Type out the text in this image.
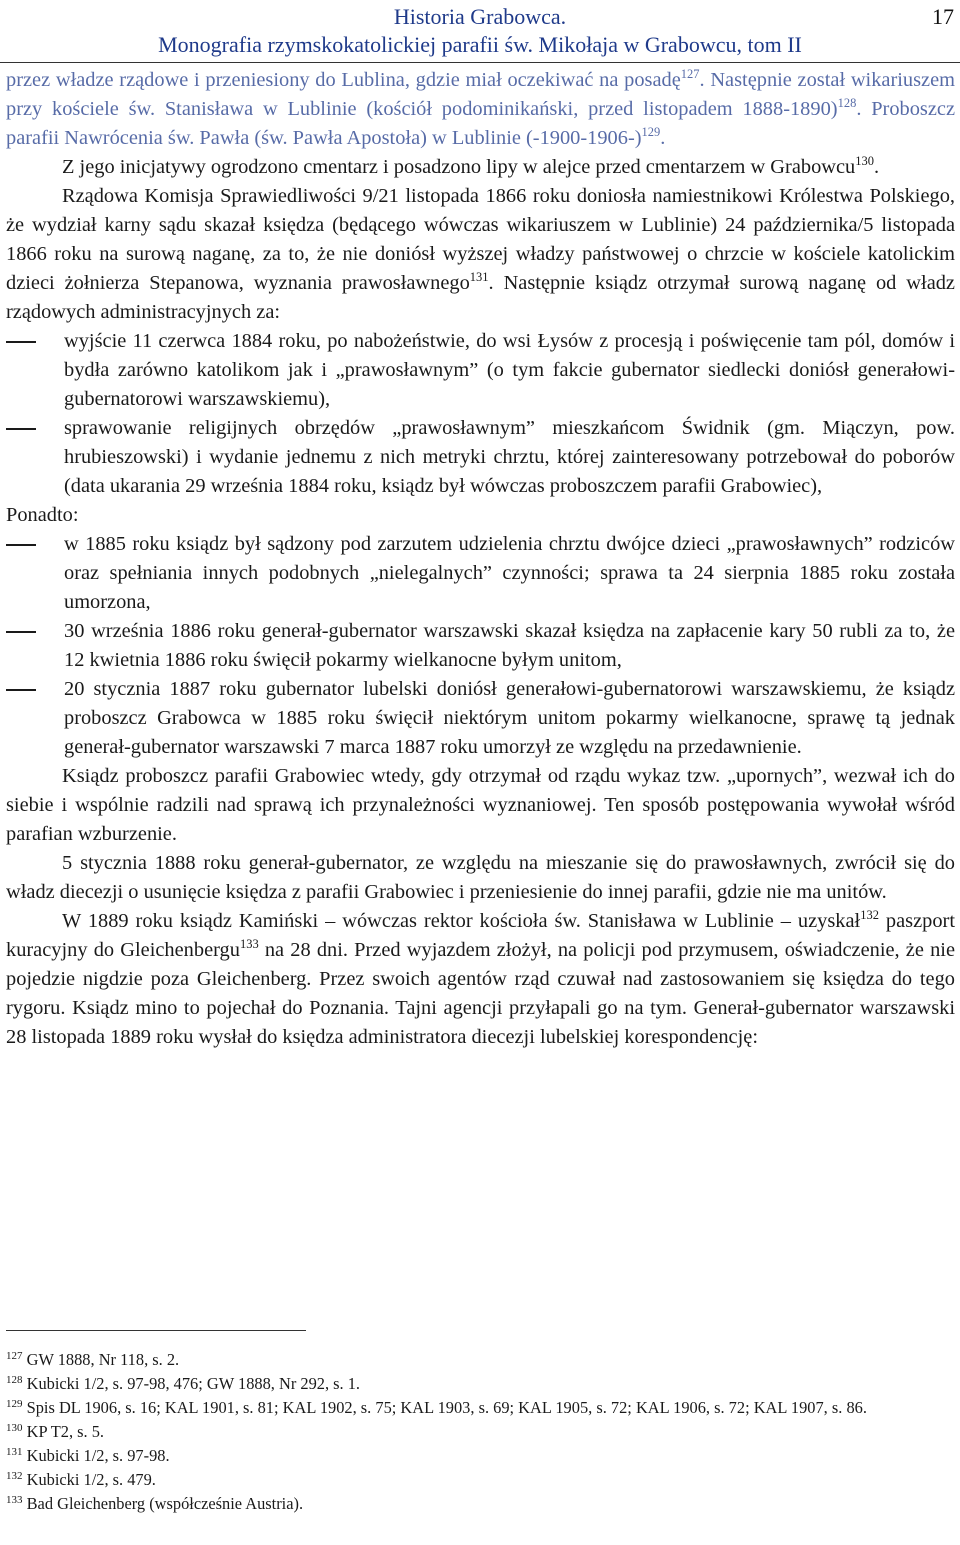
Historia Grabowca.
Monografia rzymskokatolickiej parafii św. Mikołaja w Grabowcu, tom II
17

przez władze rządowe i przeniesiony do Lublina, gdzie miał oczekiwać na posadę$^{127}$. Następnie został wikariuszem przy kościele św. Stanisława w Lublinie (kościół podominikański, przed listopadem 1888-1890)$^{128}$. Proboszcz parafii Nawrócenia św. Pawła (św. Pawła Apostoła) w Lublinie $(-1900-1906-)^{129}$.

Z jego inicjatywy ogrodzono cmentarz i posadzono lipy w alejce przed cmentarzem w Grabowcu$^{130}$.

Rządowa Komisja Sprawiedliwości 9/21 listopada 1866 roku doniosła namiestnikowi Królestwa Polskiego, że wydział karny sądu skazał księdza (będącego wówczas wikariuszem w Lublinie) 24 października/5 listopada 1866 roku na surową naganę, za to, że nie doniósł wyższej władzy państwowej o chrzcie w kościele katolickim dzieci żołnierza Stepanowa, wyznania prawosławnego$^{131}$. Następnie ksiądz otrzymał surową naganę od władz rządowych administracyjnych za:

wyjście 11 czerwca 1884 roku, po nabożeństwie, do wsi Łysów z procesją i poświęcenie tam pól, domów i bydła zarówno katolikom jak i „prawosławnym” (o tym fakcie gubernator siedlecki doniósł generałowi-gubernatorowi warszawskiemu),
sprawowanie religijnych obrzędów „prawosławnym” mieszkańcom Świdnik (gm. Miączyn, pow. hrubieszowski) i wydanie jednemu z nich metryki chrztu, której zainteresowany potrzebował do poborów (data ukarania 29 września 1884 roku, ksiądz był wówczas proboszczem parafii Grabowiec),

Ponadto:

w 1885 roku ksiądz był sądzony pod zarzutem udzielenia chrztu dwójce dzieci „prawosławnych” rodziców oraz spełniania innych podobnych „nielegalnych” czynności; sprawa ta 24 sierpnia 1885 roku została umorzona,
30 września 1886 roku generał-gubernator warszawski skazał księdza na zapłacenie kary 50 rubli za to, że 12 kwietnia 1886 roku święcił pokarmy wielkanocne byłym unitom,
20 stycznia 1887 roku gubernator lubelski doniósł generałowi-gubernatorowi warszawskiemu, że ksiądz proboszcz Grabowca w 1885 roku święcił niektórym unitom pokarmy wielkanocne, sprawę tą jednak generał-gubernator warszawski 7 marca 1887 roku umorzył ze względu na przedawnienie.

Ksiądz proboszcz parafii Grabowiec wtedy, gdy otrzymał od rządu wykaz tzw. „upornych”, wezwał ich do siebie i wspólnie radzili nad sprawą ich przynależności wyznaniowej. Ten sposób postępowania wywołał wśród parafian wzburzenie.

5 stycznia 1888 roku generał-gubernator, ze względu na mieszanie się do prawosławnych, zwrócił się do władz diecezji o usunięcie księdza z parafii Grabowiec i przeniesienie do innej parafii, gdzie nie ma unitów.

W 1889 roku ksiądz Kamiński – wówczas rektor kościoła św. Stanisława w Lublinie – uzyskał$^{132}$ paszport kuracyjny do Gleichenbergu$^{133}$ na 28 dni. Przed wyjazdem złożył, na policji pod przymusem, oświadczenie, że nie pojedzie nigdzie poza Gleichenberg. Przez swoich agentów rząd czuwał nad zastosowaniem się księdza do tego rygoru. Ksiądz mino to pojechał do Poznania. Tajni agencji przyłapali go na tym. Generał-gubernator warszawski 28 listopada 1889 roku wysłał do księdza administratora diecezji lubelskiej korespondencję:

$^{127}$ GW 1888, Nr 118, s. 2.

$^{128}$ Kubicki 1/2, s. 97-98, 476; GW 1888, Nr 292, s. 1.

$^{129}$ Spis DL 1906, s. 16; KAL 1901, s. 81; KAL 1902, s. 75; KAL 1903, s. 69; KAL 1905, s. 72; KAL 1906, s. 72; KAL 1907, s. 86.

$^{130}$ KP T2, s. 5.

$^{131}$ Kubicki 1/2, s. 97-98.

$^{132}$ Kubicki 1/2, s. 479.

$^{133}$ Bad Gleichenberg (współcześnie Austria).
